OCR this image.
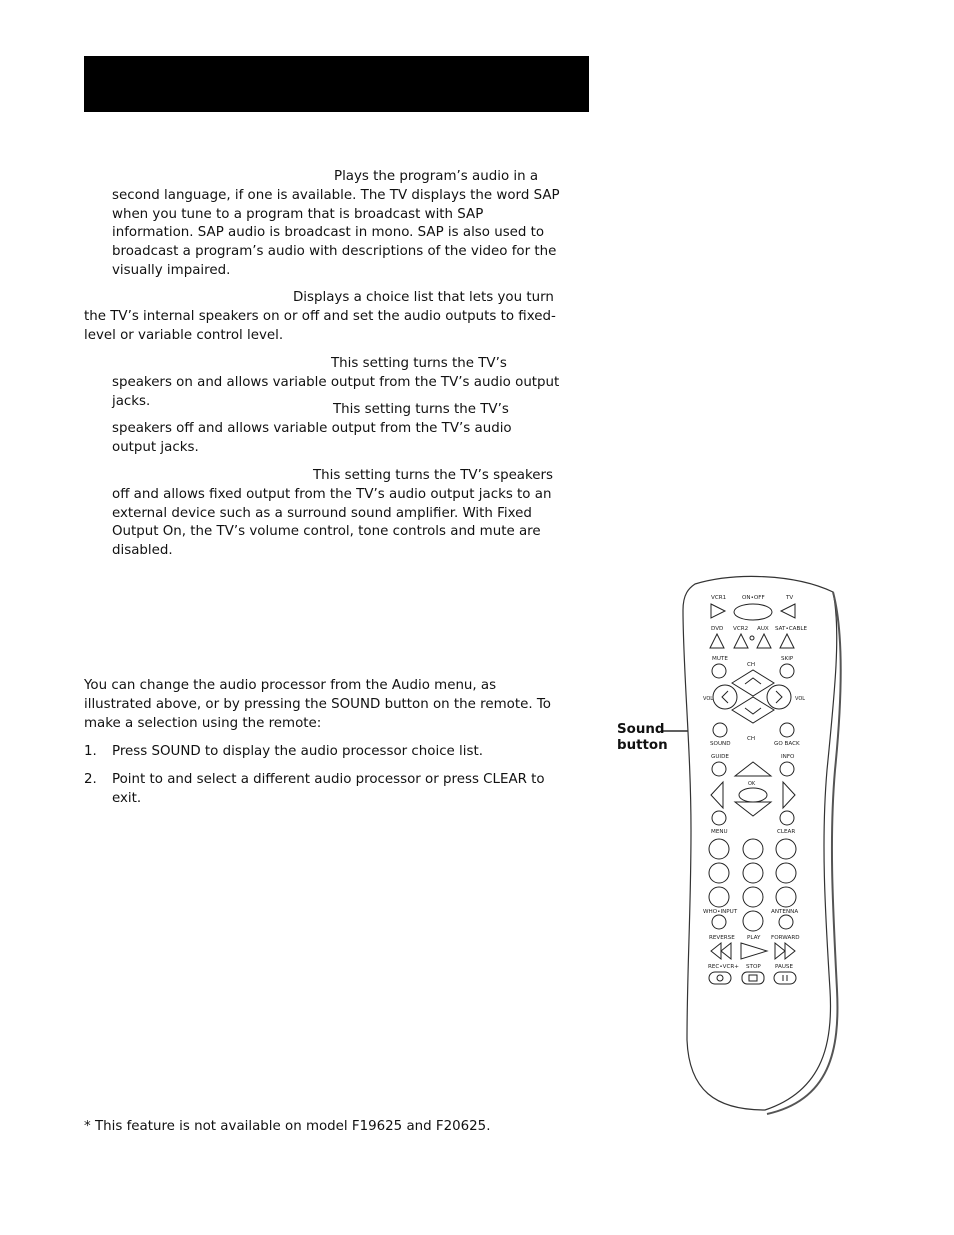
Plays the program’s audio in a second language, if one is available. The TV displays the word SAP when you tune to a program that is broadcast with SAP information. SAP audio is broadcast in mono. SAP is also used to broadcast a program’s audio with descriptions of the video for the visually impaired.

Displays a choice list that lets you turn the TV’s internal speakers on or off and set the audio outputs to fixed-level or variable control level.

This setting turns the TV’s speakers on and allows variable output from the TV’s audio output jacks.

This setting turns the TV’s speakers off and allows variable output from the TV’s audio output jacks.

This setting turns the TV’s speakers off and allows fixed output from the TV’s audio output jacks to an external device such as a surround sound amplifier. With Fixed Output On, the TV’s volume control, tone controls and mute are disabled.

You can change the audio processor from the Audio menu, as illustrated above, or by pressing the SOUND button on the remote. To make a selection using the remote:

1. Press SOUND to display the audio processor choice list.
2. Point to and select a different audio processor or press CLEAR to exit.
Sound
button
VCR1	ON•OFF	TV
DVD VCR2 AUX SAT•CABLE
MUTE	SKIP
CH
VOL	VOL
CH
SOUND	GO BACK
GUIDE	INFO
OK
MENU	CLEAR
WHO•INPUT	ANTENNA
REVERSE PLAY FORWARD
REC•VCR+ STOP	PAUSE

* This feature is not available on model F19625 and F20625.
